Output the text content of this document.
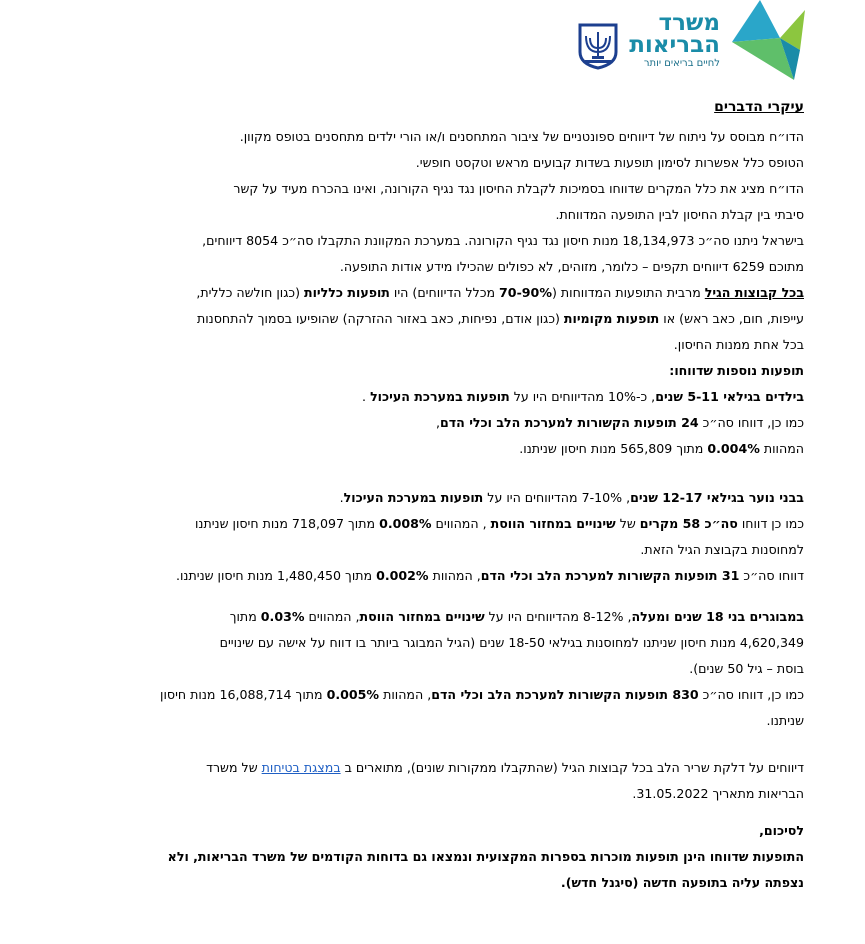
משרד
הבריאות
לחיים בריאים יותר
עיקרי הדברים
הדו״ח מבוסס על ניתוח של דיווחים ספונטניים של ציבור המתחסנים ו/או הורי ילדים מתחסנים בטופס מקוון.
הטופס כלל אפשרות לסימון תופעות בשדות קבועים מראש וטקסט חופשי.
הדו״ח מציג את כלל המקרים שדווחו בסמיכות לקבלת החיסון נגד נגיף הקורונה, ואינו בהכרח מעיד על קשר
סיבתי בין קבלת החיסון לבין התופעה המדווחת.
בישראל ניתנו סה״כ 18,134,973 מנות חיסון נגד נגיף הקורונה. במערכת המקוונת התקבלו סה״כ 8054 דיווחים,
מתוכם 6259 דיווחים תקפים – כלומר, מזוהים, לא כפולים שהכילו מידע אודות התופעה.
בכל קבוצות הגיל מרבית התופעות המדווחות (70-90% מכלל הדיווחים) היו תופעות כלליות (כגון חולשה כללית,
עייפות, חום, כאב ראש) או תופעות מקומיות (כגון אודם, נפיחות, כאב באזור ההזרקה) שהופיעו בסמוך להתחסנות
בכל אחת ממנות החיסון.
תופעות נוספות שדווחו:
בילדים בגילאי 5-11 שנים, כ-10% מהדיווחים היו על תופעות במערכת העיכול .
כמו כן, דווחו סה״כ 24 תופעות הקשורות למערכת הלב וכלי הדם,
המהוות 0.004% מתוך 565,809 מנות חיסון שניתנו.
בבני נוער בגילאי 12-17 שנים, 7-10% מהדיווחים היו על תופעות במערכת העיכול.
כמו כן דווחו סה״כ 58 מקרים של שינויים במחזור הווסת , המהווים 0.008% מתוך 718,097 מנות חיסון שניתנו
למחוסנות בקבוצת הגיל הזאת.
דווחו סה״כ 31 תופעות הקשורות למערכת הלב וכלי הדם, המהוות 0.002% מתוך 1,480,450 מנות חיסון שניתנו.
במבוגרים בני 18 שנים ומעלה, 8-12% מהדיווחים היו על שינויים במחזור הווסת, המהווים 0.03% מתוך
4,620,349 מנות חיסון שניתנו למחוסנות בגילאי 18-50 שנים (הגיל המבוגר ביותר בו דווח על אישה עם שינויים
בוסת – גיל 50 שנים).
כמו כן, דווחו סה״כ 830 תופעות הקשורות למערכת הלב וכלי הדם, המהוות 0.005% מתוך 16,088,714 מנות חיסון
שניתנו.
דיווחים על דלקת שריר הלב בכל קבוצות הגיל (שהתקבלו ממקורות שונים), מתוארים ב במצגת בטיחות של משרד
הבריאות מתאריך 31.05.2022.
לסיכום,
התופעות שדווחו הינן תופעות מוכרות בספרות המקצועית ונמצאו גם בדוחות הקודמים של משרד הבריאות, ולא
נצפתה עליה בתופעה חדשה (סיגנל חדש).
